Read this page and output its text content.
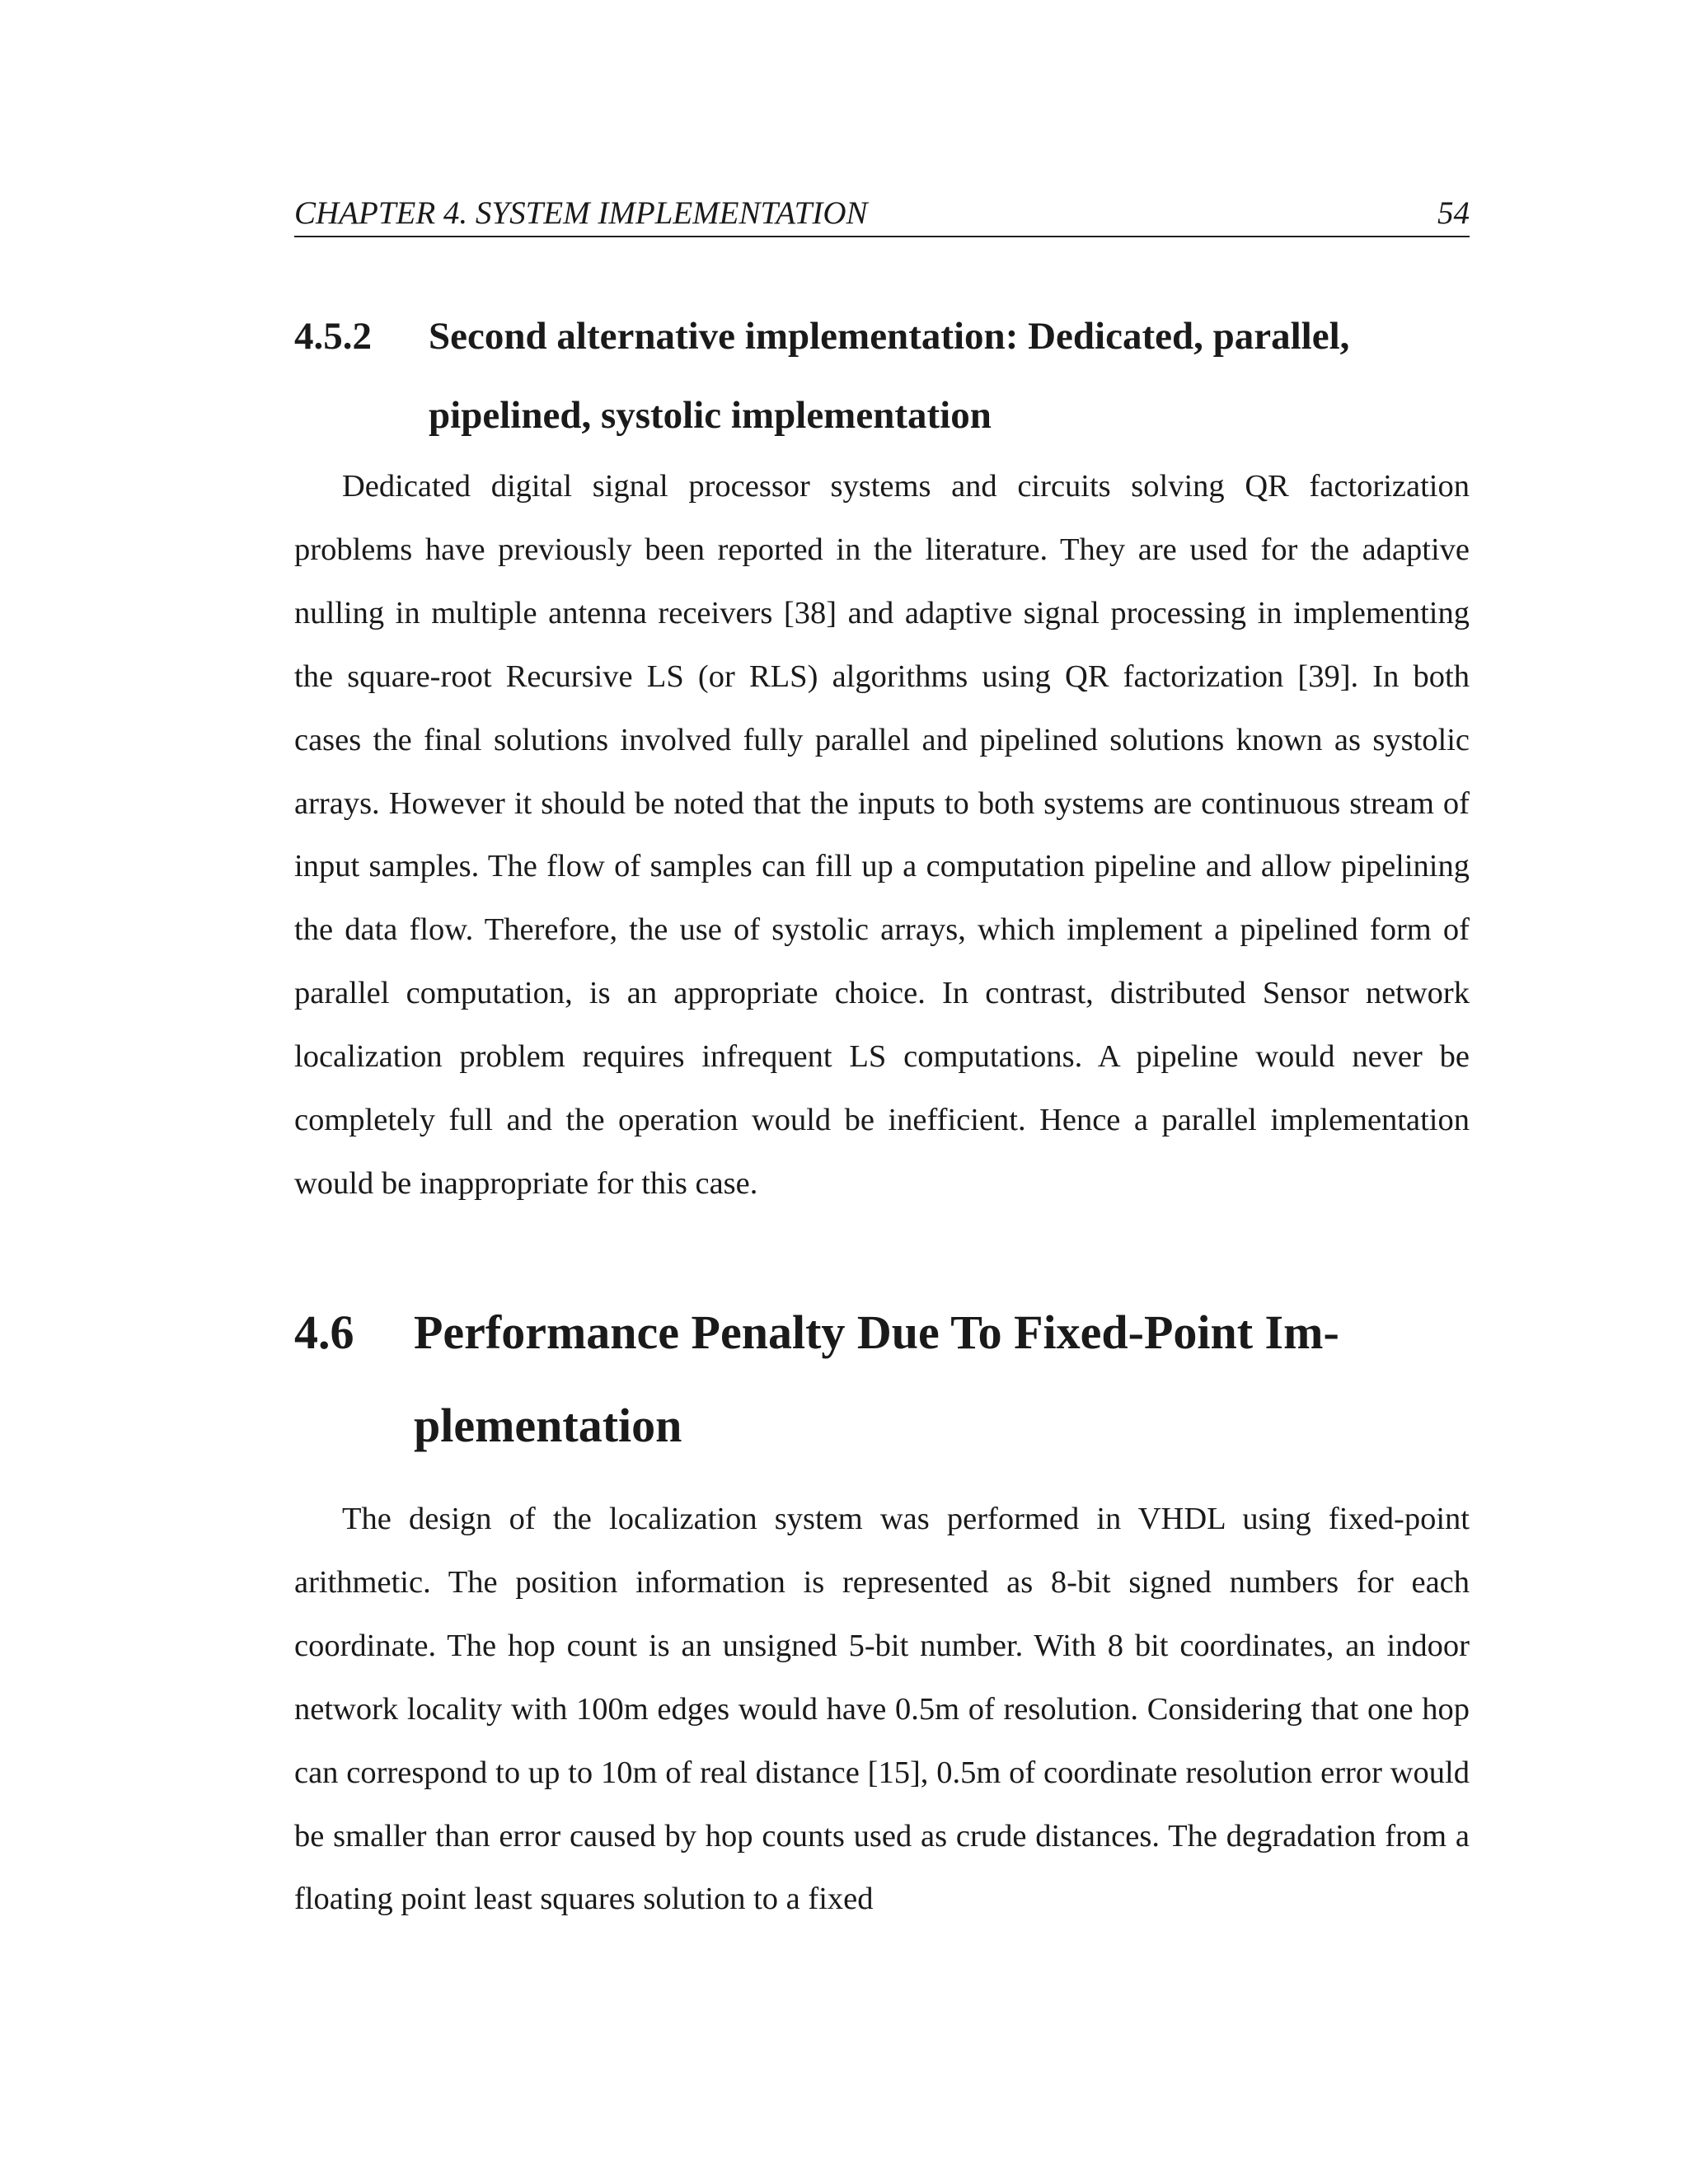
CHAPTER 4. SYSTEM IMPLEMENTATION	54
4.5.2 Second alternative implementation: Dedicated, parallel, pipelined, systolic implementation

Dedicated digital signal processor systems and circuits solving QR factorization problems have previously been reported in the literature. They are used for the adaptive nulling in multiple antenna receivers [38] and adaptive signal processing in implementing the square-root Recursive LS (or RLS) algorithms using QR factorization [39]. In both cases the final solutions involved fully parallel and pipelined solutions known as systolic arrays. However it should be noted that the inputs to both systems are continuous stream of input samples. The flow of samples can fill up a computation pipeline and allow pipelining the data flow. Therefore, the use of systolic arrays, which implement a pipelined form of parallel computation, is an appropriate choice. In contrast, distributed Sensor network localization problem requires infrequent LS computations. A pipeline would never be completely full and the operation would be inefficient. Hence a parallel implementation would be inappropriate for this case.

4.6 Performance Penalty Due To Fixed-Point Implementation

The design of the localization system was performed in VHDL using fixed-point arithmetic. The position information is represented as 8-bit signed numbers for each coordinate. The hop count is an unsigned 5-bit number. With 8 bit coordinates, an indoor network locality with 100m edges would have 0.5m of resolution. Considering that one hop can correspond to up to 10m of real distance [15], 0.5m of coordinate resolution error would be smaller than error caused by hop counts used as crude distances. The degradation from a floating point least squares solution to a fixed
